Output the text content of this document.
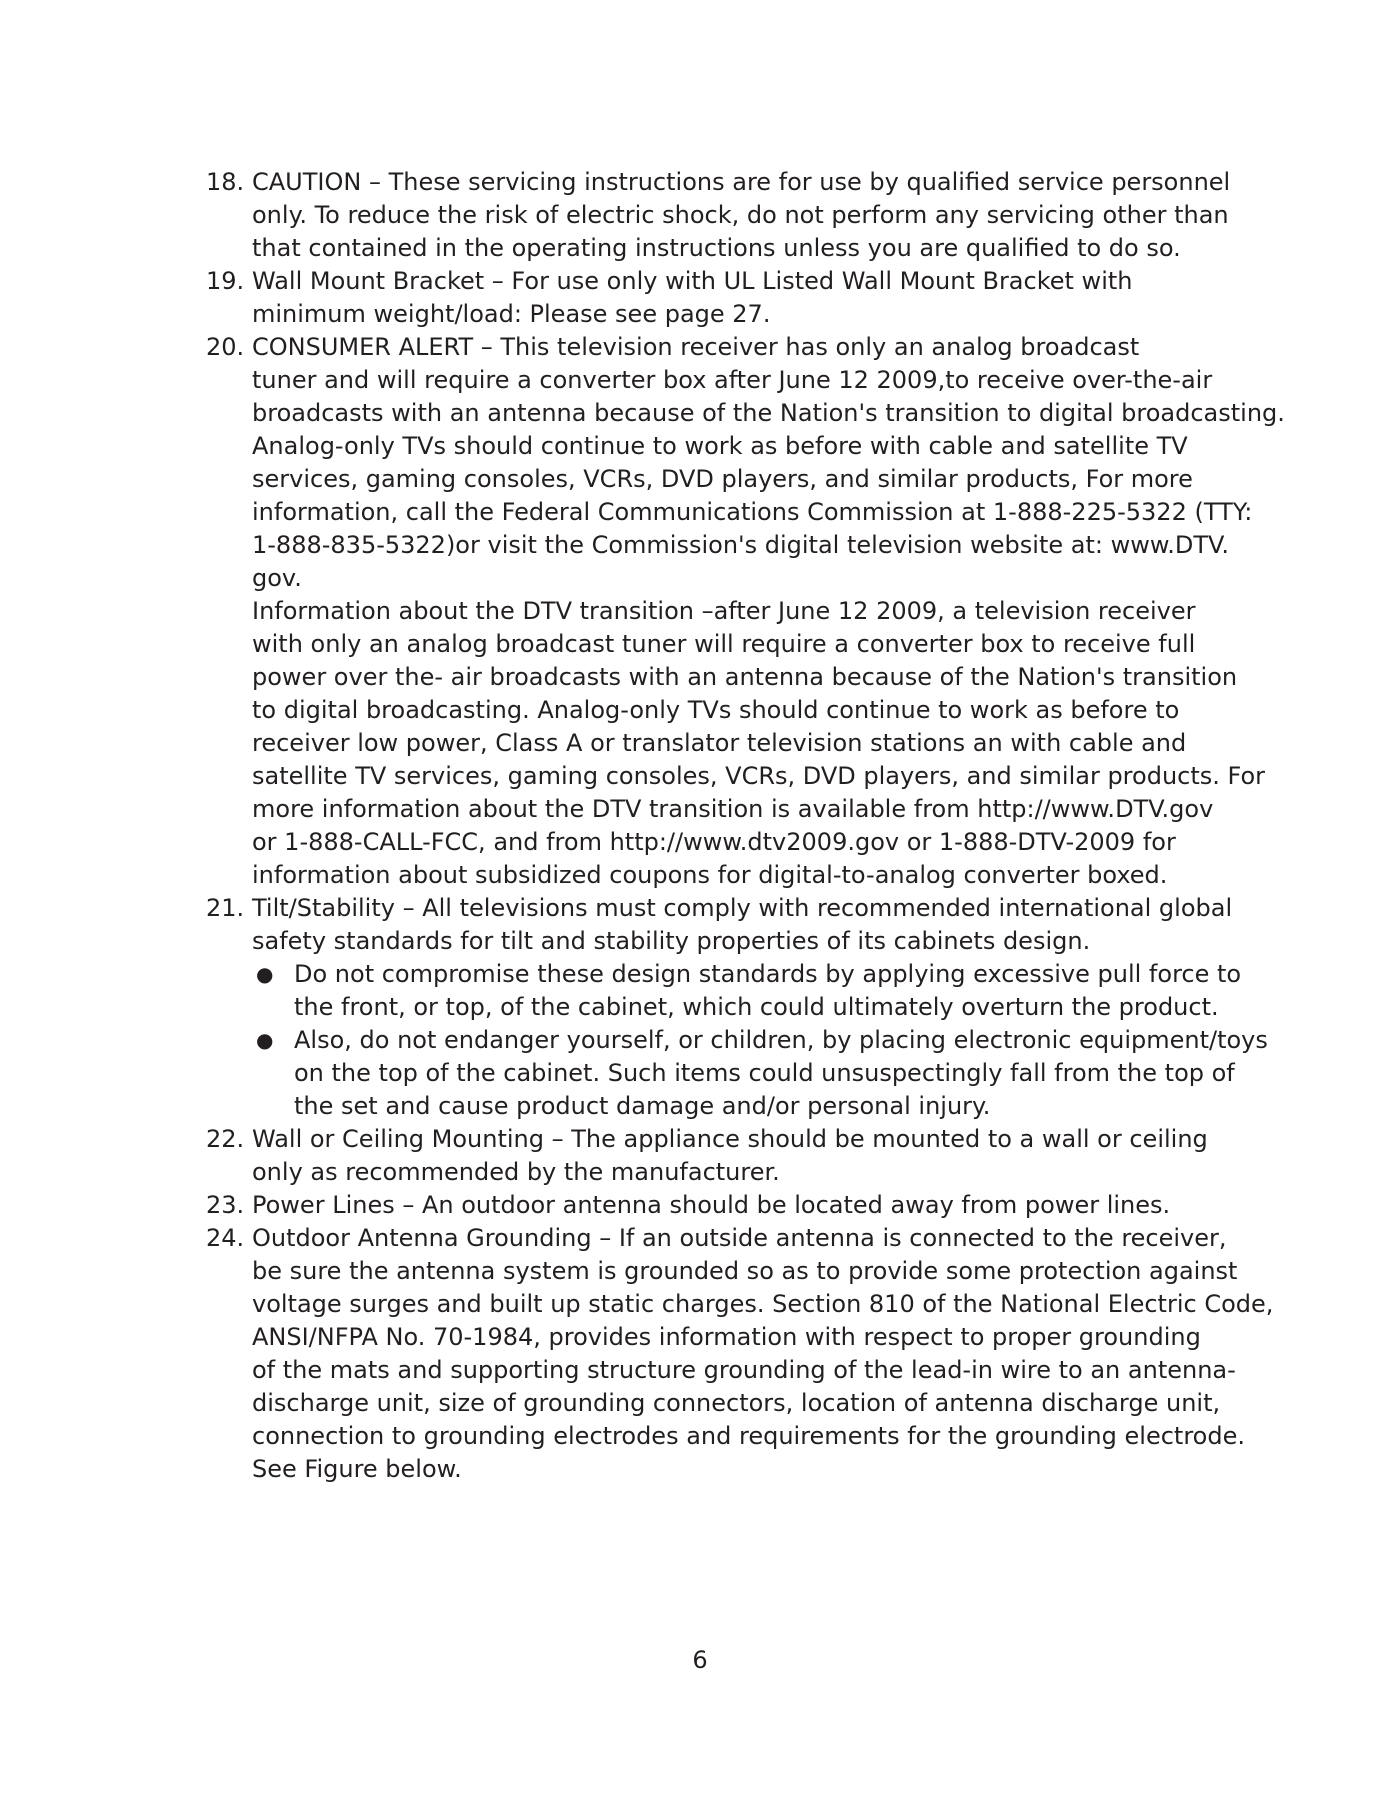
18. CAUTION – These servicing instructions are for use by qualified service personnel
only. To reduce the risk of electric shock, do not perform any servicing other than
that contained in the operating instructions unless you are qualified to do so.
19. Wall Mount Bracket – For use only with UL Listed Wall Mount Bracket with
minimum weight/load: Please see page 27.
20. CONSUMER ALERT – This television receiver has only an analog broadcast
tuner and will require a converter box after June 12 2009,to receive over-the-air
broadcasts with an antenna because of the Nation's transition to digital broadcasting.
Analog-only TVs should continue to work as before with cable and satellite TV
services, gaming consoles, VCRs, DVD players, and similar products, For more
information, call the Federal Communications Commission at 1-888-225-5322 (TTY:
1-888-835-5322)or visit the Commission's digital television website at: www.DTV.
gov.
Information about the DTV transition –after June 12 2009, a television receiver
with only an analog broadcast tuner will require a converter box to receive full
power over the- air broadcasts with an antenna because of the Nation's transition
to digital broadcasting. Analog-only TVs should continue to work as before to
receiver low power, Class A or translator television stations an with cable and
satellite TV services, gaming consoles, VCRs, DVD players, and similar products. For
more information about the DTV transition is available from http://www.DTV.gov
or 1-888-CALL-FCC, and from http://www.dtv2009.gov or 1-888-DTV-2009 for
information about subsidized coupons for digital-to-analog converter boxed.
21. Tilt/Stability – All televisions must comply with recommended international global
safety standards for tilt and stability properties of its cabinets design.
● Do not compromise these design standards by applying excessive pull force to
the front, or top, of the cabinet, which could ultimately overturn the product.
● Also, do not endanger yourself, or children, by placing electronic equipment/toys
on the top of the cabinet. Such items could unsuspectingly fall from the top of
the set and cause product damage and/or personal injury.
22. Wall or Ceiling Mounting – The appliance should be mounted to a wall or ceiling
only as recommended by the manufacturer.
23. Power Lines – An outdoor antenna should be located away from power lines.
24. Outdoor Antenna Grounding – If an outside antenna is connected to the receiver,
be sure the antenna system is grounded so as to provide some protection against
voltage surges and built up static charges. Section 810 of the National Electric Code,
ANSI/NFPA No. 70-1984, provides information with respect to proper grounding
of the mats and supporting structure grounding of the lead-in wire to an antenna-
discharge unit, size of grounding connectors, location of antenna discharge unit,
connection to grounding electrodes and requirements for the grounding electrode.
See Figure below.
6
